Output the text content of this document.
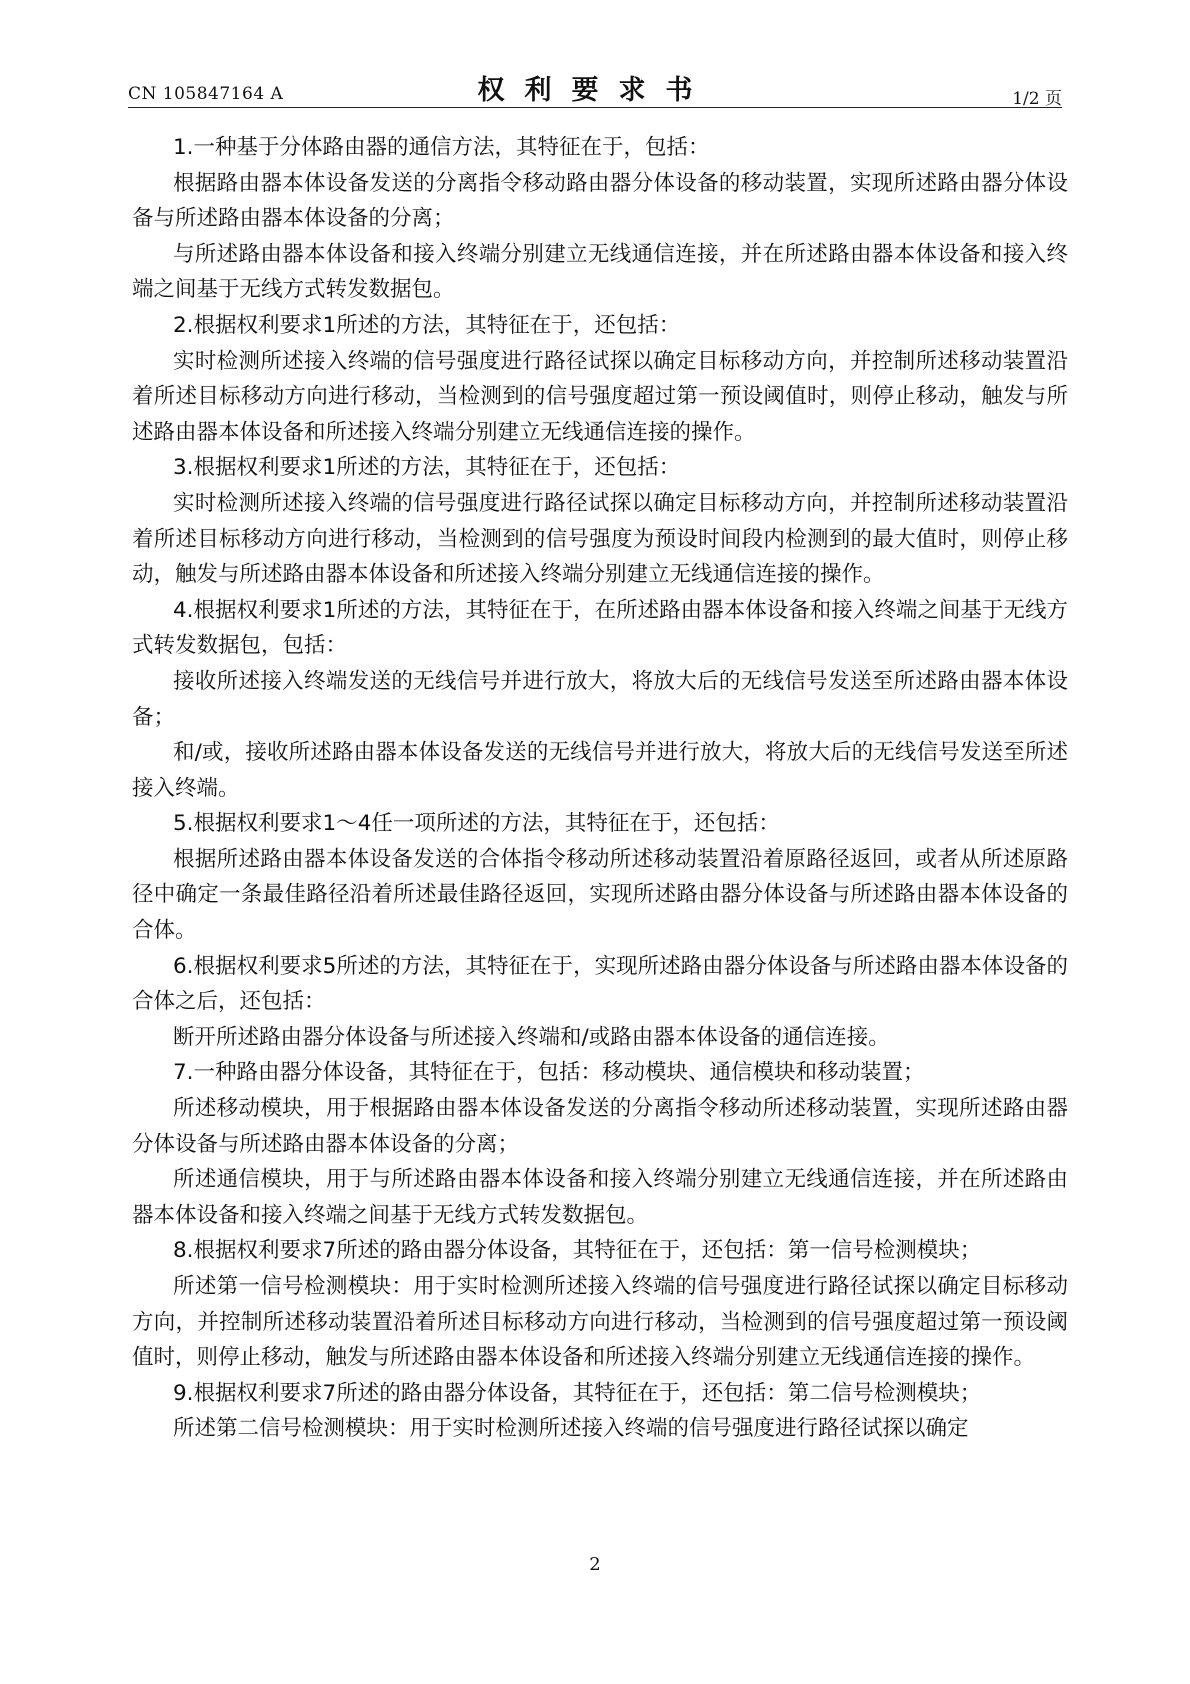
CN 105847164 A	权利要求书	1/2 页

1.一种基于分体路由器的通信方法，其特征在于，包括：

根据路由器本体设备发送的分离指令移动路由器分体设备的移动装置，实现所述路由器分体设备与所述路由器本体设备的分离；

与所述路由器本体设备和接入终端分别建立无线通信连接，并在所述路由器本体设备和接入终端之间基于无线方式转发数据包。

2.根据权利要求1所述的方法，其特征在于，还包括：

实时检测所述接入终端的信号强度进行路径试探以确定目标移动方向，并控制所述移动装置沿着所述目标移动方向进行移动，当检测到的信号强度超过第一预设阈值时，则停止移动，触发与所述路由器本体设备和所述接入终端分别建立无线通信连接的操作。

3.根据权利要求1所述的方法，其特征在于，还包括：

实时检测所述接入终端的信号强度进行路径试探以确定目标移动方向，并控制所述移动装置沿着所述目标移动方向进行移动，当检测到的信号强度为预设时间段内检测到的最大值时，则停止移动，触发与所述路由器本体设备和所述接入终端分别建立无线通信连接的操作。

4.根据权利要求1所述的方法，其特征在于，在所述路由器本体设备和接入终端之间基于无线方式转发数据包，包括：

接收所述接入终端发送的无线信号并进行放大，将放大后的无线信号发送至所述路由器本体设备；

和/或，接收所述路由器本体设备发送的无线信号并进行放大，将放大后的无线信号发送至所述接入终端。

5.根据权利要求1～4任一项所述的方法，其特征在于，还包括：

根据所述路由器本体设备发送的合体指令移动所述移动装置沿着原路径返回，或者从所述原路径中确定一条最佳路径沿着所述最佳路径返回，实现所述路由器分体设备与所述路由器本体设备的合体。

6.根据权利要求5所述的方法，其特征在于，实现所述路由器分体设备与所述路由器本体设备的合体之后，还包括：

断开所述路由器分体设备与所述接入终端和/或路由器本体设备的通信连接。

7.一种路由器分体设备，其特征在于，包括：移动模块、通信模块和移动装置；

所述移动模块，用于根据路由器本体设备发送的分离指令移动所述移动装置，实现所述路由器分体设备与所述路由器本体设备的分离；

所述通信模块，用于与所述路由器本体设备和接入终端分别建立无线通信连接，并在所述路由器本体设备和接入终端之间基于无线方式转发数据包。

8.根据权利要求7所述的路由器分体设备，其特征在于，还包括：第一信号检测模块；

所述第一信号检测模块：用于实时检测所述接入终端的信号强度进行路径试探以确定目标移动方向，并控制所述移动装置沿着所述目标移动方向进行移动，当检测到的信号强度超过第一预设阈值时，则停止移动，触发与所述路由器本体设备和所述接入终端分别建立无线通信连接的操作。

9.根据权利要求7所述的路由器分体设备，其特征在于，还包括：第二信号检测模块；

所述第二信号检测模块：用于实时检测所述接入终端的信号强度进行路径试探以确定

2
